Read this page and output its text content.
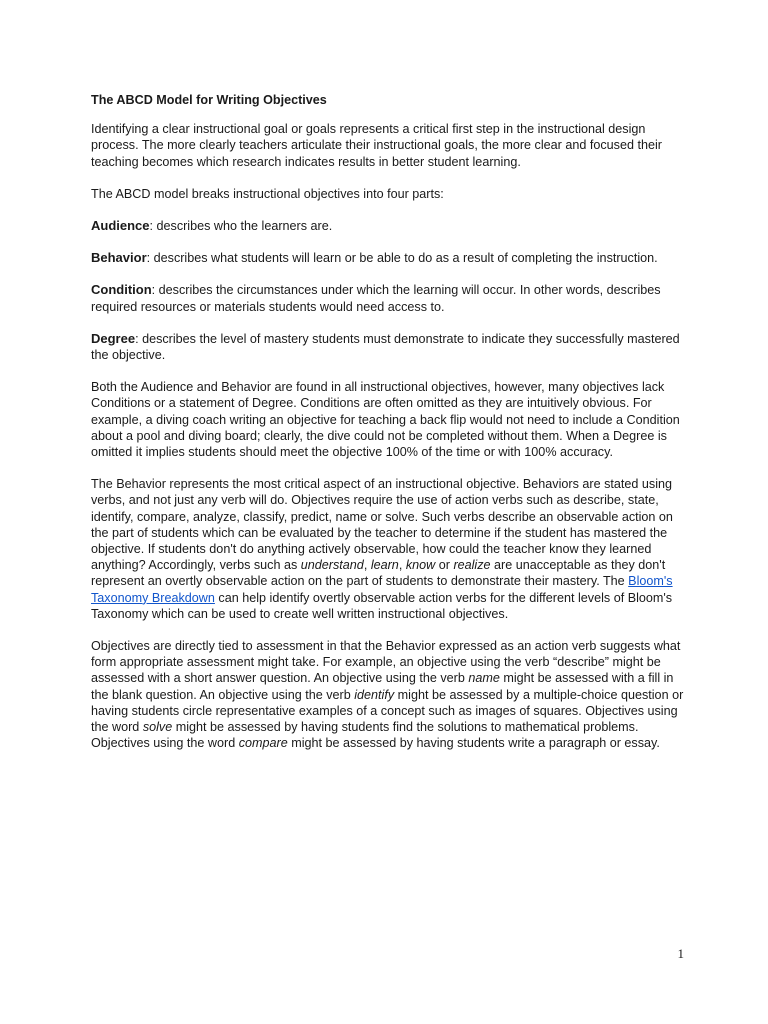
The ABCD Model for Writing Objectives

Identifying a clear instructional goal or goals represents a critical first step in the instructional design process. The more clearly teachers articulate their instructional goals, the more clear and focused their teaching becomes which research indicates results in better student learning.

The ABCD model breaks instructional objectives into four parts:

Audience: describes who the learners are.

Behavior: describes what students will learn or be able to do as a result of completing the instruction.

Condition: describes the circumstances under which the learning will occur. In other words, describes required resources or materials students would need access to.

Degree: describes the level of mastery students must demonstrate to indicate they successfully mastered the objective.

Both the Audience and Behavior are found in all instructional objectives, however, many objectives lack Conditions or a statement of Degree. Conditions are often omitted as they are intuitively obvious. For example, a diving coach writing an objective for teaching a back flip would not need to include a Condition about a pool and diving board; clearly, the dive could not be completed without them. When a Degree is omitted it implies students should meet the objective 100% of the time or with 100% accuracy.

The Behavior represents the most critical aspect of an instructional objective. Behaviors are stated using verbs, and not just any verb will do. Objectives require the use of action verbs such as describe, state, identify, compare, analyze, classify, predict, name or solve. Such verbs describe an observable action on the part of students which can be evaluated by the teacher to determine if the student has mastered the objective. If students don't do anything actively observable, how could the teacher know they learned anything? Accordingly, verbs such as understand, learn, know or realize are unacceptable as they don't represent an overtly observable action on the part of students to demonstrate their mastery. The Bloom's Taxonomy Breakdown can help identify overtly observable action verbs for the different levels of Bloom's Taxonomy which can be used to create well written instructional objectives.

Objectives are directly tied to assessment in that the Behavior expressed as an action verb suggests what form appropriate assessment might take. For example, an objective using the verb “describe” might be assessed with a short answer question. An objective using the verb name might be assessed with a fill in the blank question. An objective using the verb identify might be assessed by a multiple-choice question or having students circle representative examples of a concept such as images of squares. Objectives using the word solve might be assessed by having students find the solutions to mathematical problems. Objectives using the word compare might be assessed by having students write a paragraph or essay.

1
